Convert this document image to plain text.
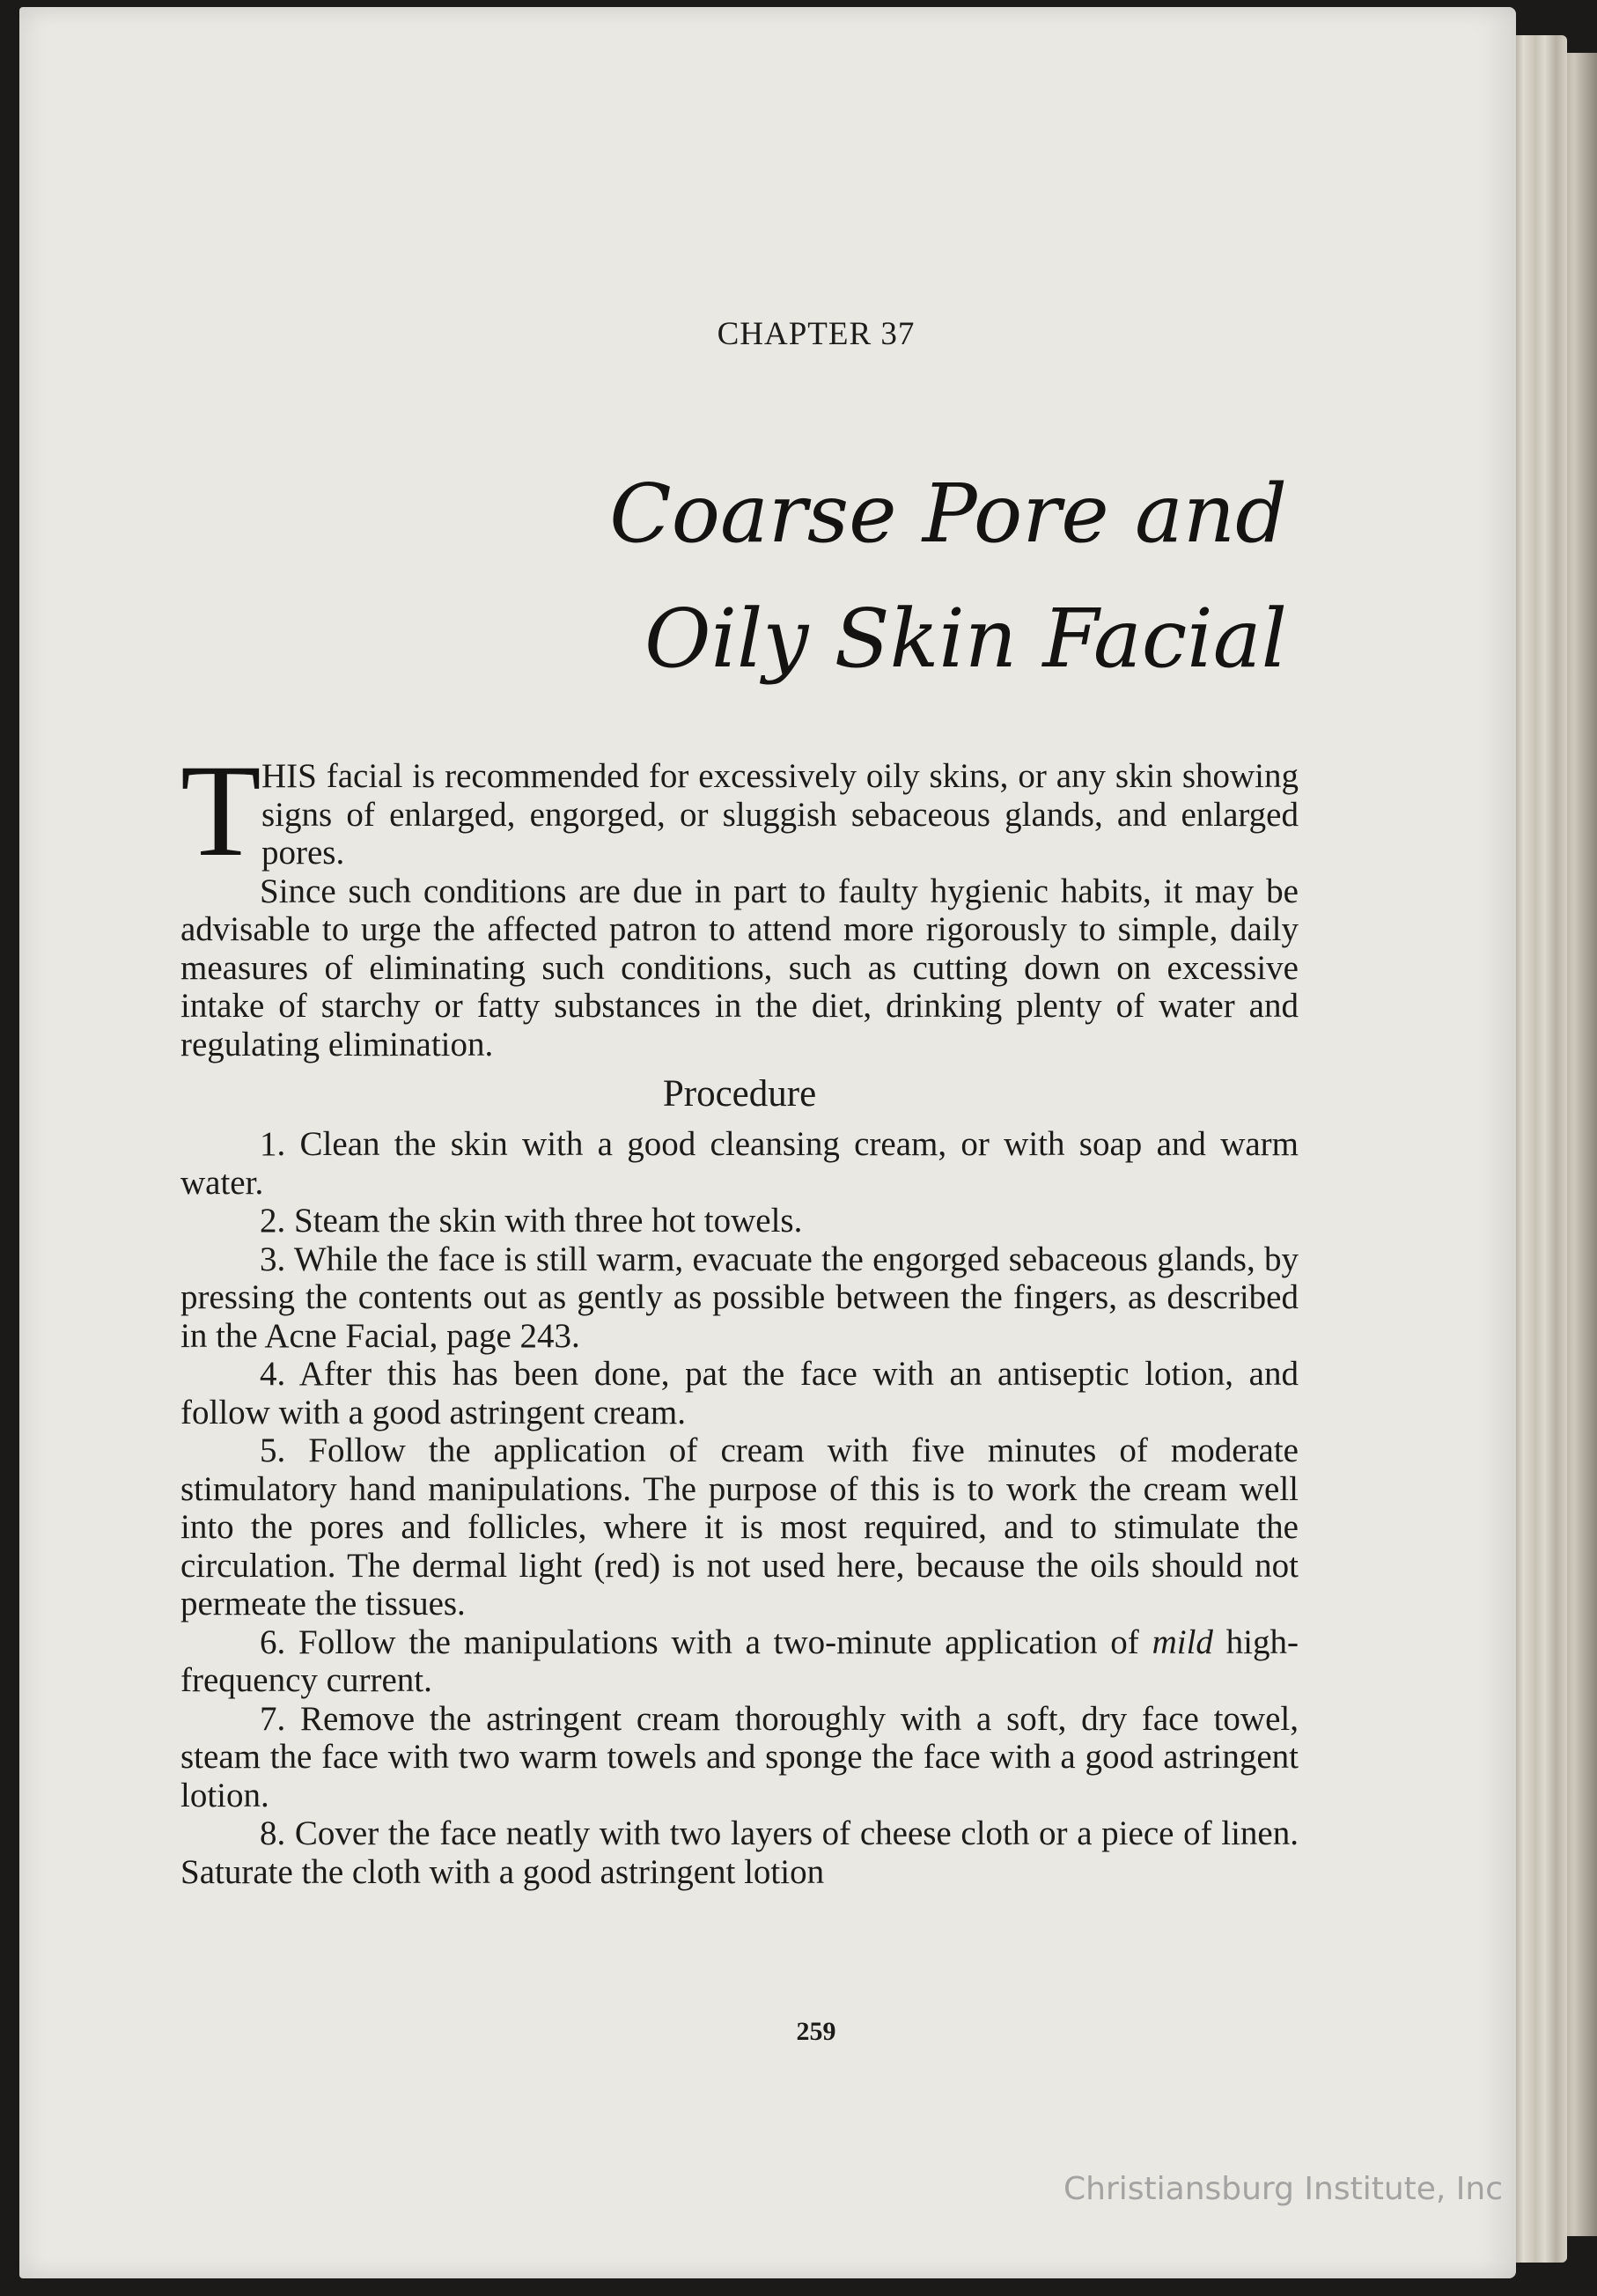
CHAPTER 37
Coarse Pore and
Oily Skin Facial

T HIS facial is recommended for excessively oily skins, or any skin showing signs of enlarged, engorged, or sluggish sebaceous glands, and enlarged pores.

Since such conditions are due in part to faulty hygienic habits, it may be advisable to urge the affected patron to attend more rigorously to simple, daily measures of eliminating such conditions, such as cutting down on excessive intake of starchy or fatty substances in the diet, drinking plenty of water and regulating elimination.

Procedure

1. Clean the skin with a good cleansing cream, or with soap and warm water.

2. Steam the skin with three hot towels.

3. While the face is still warm, evacuate the engorged sebaceous glands, by pressing the contents out as gently as possible between the fingers, as described in the Acne Facial, page 243.

4. After this has been done, pat the face with an antiseptic lotion, and follow with a good astringent cream.

5. Follow the application of cream with five minutes of moderate stimulatory hand manipulations. The purpose of this is to work the cream well into the pores and follicles, where it is most required, and to stimulate the circulation. The dermal light (red) is not used here, because the oils should not permeate the tissues.

6. Follow the manipulations with a two-minute application of mild high-frequency current.

7. Remove the astringent cream thoroughly with a soft, dry face towel, steam the face with two warm towels and sponge the face with a good astringent lotion.

8. Cover the face neatly with two layers of cheese cloth or a piece of linen. Saturate the cloth with a good astringent lotion

259
Christiansburg Institute, Inc
